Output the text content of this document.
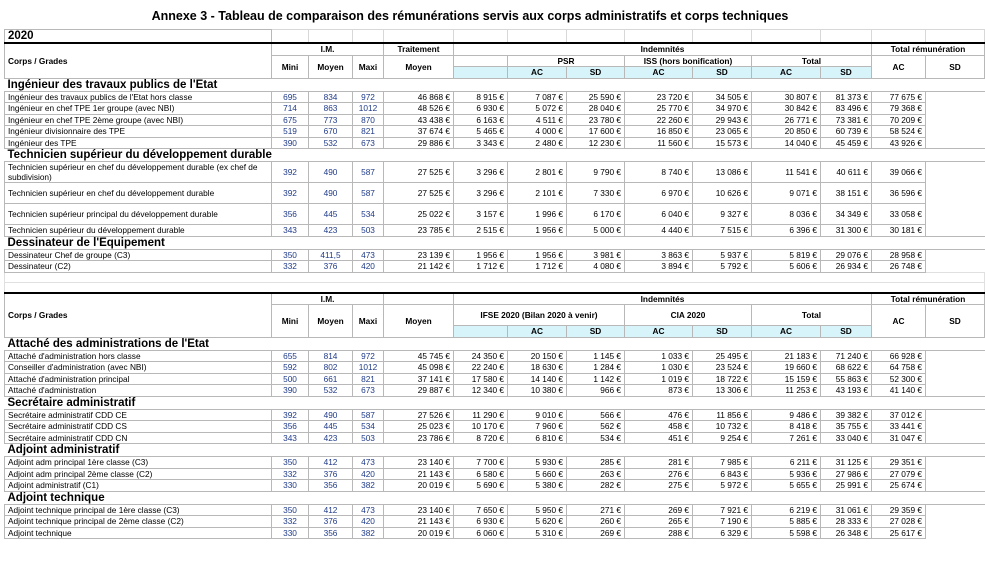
Annexe 3 - Tableau de comparaison des rémunérations servis aux corps administratifs et corps techniques
2020													
Corps / Grades	I.M.			Traitement	Indemnités							Total rémunération	
	Mini	Moyen	Maxi	Moyen		PSR		ISS (hors bonification)		Total		AC	SD
						AC	SD	AC	SD	AC	SD		
Ingénieur des travaux publics de l'Etat													
Ingénieur des travaux publics de l'Etat hors classe	695	834	972	46 868 €	8 915 €	7 087 €	25 590 €	23 720 €	34 505 €	30 807 €	81 373 €	77 675 €	
Ingénieur en chef TPE 1er groupe (avec NBI)	714	863	1012	48 526 €	6 930 €	5 072 €	28 040 €	25 770 €	34 970 €	30 842 €	83 496 €	79 368 €	
Ingénieur en chef TPE 2ème groupe (avec NBI)	675	773	870	43 438 €	6 163 €	4 511 €	23 780 €	22 260 €	29 943 €	26 771 €	73 381 €	70 209 €	
Ingénieur divisionnaire des TPE	519	670	821	37 674 €	5 465 €	4 000 €	17 600 €	16 850 €	23 065 €	20 850 €	60 739 €	58 524 €	
Ingénieur des TPE	390	532	673	29 886 €	3 343 €	2 480 €	12 230 €	11 560 €	15 573 €	14 040 €	45 459 €	43 926 €	
Technicien supérieur du développement durable													
Technicien supérieur en chef du développement durable (ex chef de subdivision)	392	490	587	27 525 €	3 296 €	2 801 €	9 790 €	8 740 €	13 086 €	11 541 €	40 611 €	39 066 €	
Technicien supérieur en chef du développement durable	392	490	587	27 525 €	3 296 €	2 101 €	7 330 €	6 970 €	10 626 €	9 071 €	38 151 €	36 596 €	
Technicien supérieur principal du développement durable	356	445	534	25 022 €	3 157 €	1 996 €	6 170 €	6 040 €	9 327 €	8 036 €	34 349 €	33 058 €	
Technicien supérieur du développement durable	343	423	503	23 785 €	2 515 €	1 956 €	5 000 €	4 440 €	7 515 €	6 396 €	31 300 €	30 181 €	
Dessinateur de l'Equipement													
Dessinateur Chef de groupe (C3)	350	411,5	473	23 139 €	1 956 €	1 956 €	3 981 €	3 863 €	5 937 €	5 819 €	29 076 €	28 958 €	
Dessinateur (C2)	332	376	420	21 142 €	1 712 €	1 712 €	4 080 €	3 894 €	5 792 €	5 606 €	26 934 €	26 748 €	

Corps / Grades	I.M.				Indemnités							Total rémunération	
	Mini	Moyen	Maxi	Moyen	IFSE 2020 (Bilan 2020 à venir)			CIA 2020		Total		AC	SD
						AC	SD	AC	SD	AC	SD		
Attaché des administrations de l'Etat													
Attaché d'administration hors classe	655	814	972	45 745 €	24 350 €	20 150 €	1 145 €	1 033 €	25 495 €	21 183 €	71 240 €	66 928 €	
Conseiller d'administration (avec NBI)	592	802	1012	45 098 €	22 240 €	18 630 €	1 284 €	1 030 €	23 524 €	19 660 €	68 622 €	64 758 €	
Attaché d'administration principal	500	661	821	37 141 €	17 580 €	14 140 €	1 142 €	1 019 €	18 722 €	15 159 €	55 863 €	52 300 €	
Attaché d'administration	390	532	673	29 887 €	12 340 €	10 380 €	966 €	873 €	13 306 €	11 253 €	43 193 €	41 140 €	
Secrétaire administratif													
Secrétaire administratif CDD CE	392	490	587	27 526 €	11 290 €	9 010 €	566 €	476 €	11 856 €	9 486 €	39 382 €	37 012 €	
Secrétaire administratif CDD CS	356	445	534	25 023 €	10 170 €	7 960 €	562 €	458 €	10 732 €	8 418 €	35 755 €	33 441 €	
Secrétaire administratif CDD CN	343	423	503	23 786 €	8 720 €	6 810 €	534 €	451 €	9 254 €	7 261 €	33 040 €	31 047 €	
Adjoint administratif													
Adjoint adm principal 1ère classe (C3)	350	412	473	23 140 €	7 700 €	5 930 €	285 €	281 €	7 985 €	6 211 €	31 125 €	29 351 €	
Adjoint adm principal 2ème classe (C2)	332	376	420	21 143 €	6 580 €	5 660 €	263 €	276 €	6 843 €	5 936 €	27 986 €	27 079 €	
Adjoint administratif (C1)	330	356	382	20 019 €	5 690 €	5 380 €	282 €	275 €	5 972 €	5 655 €	25 991 €	25 674 €	
Adjoint technique													
Adjoint technique principal de 1ère classe (C3)	350	412	473	23 140 €	7 650 €	5 950 €	271 €	269 €	7 921 €	6 219 €	31 061 €	29 359 €	
Adjoint technique principal de 2ème classe (C2)	332	376	420	21 143 €	6 930 €	5 620 €	260 €	265 €	7 190 €	5 885 €	28 333 €	27 028 €	
Adjoint technique	330	356	382	20 019 €	6 060 €	5 310 €	269 €	288 €	6 329 €	5 598 €	26 348 €	25 617 €	
